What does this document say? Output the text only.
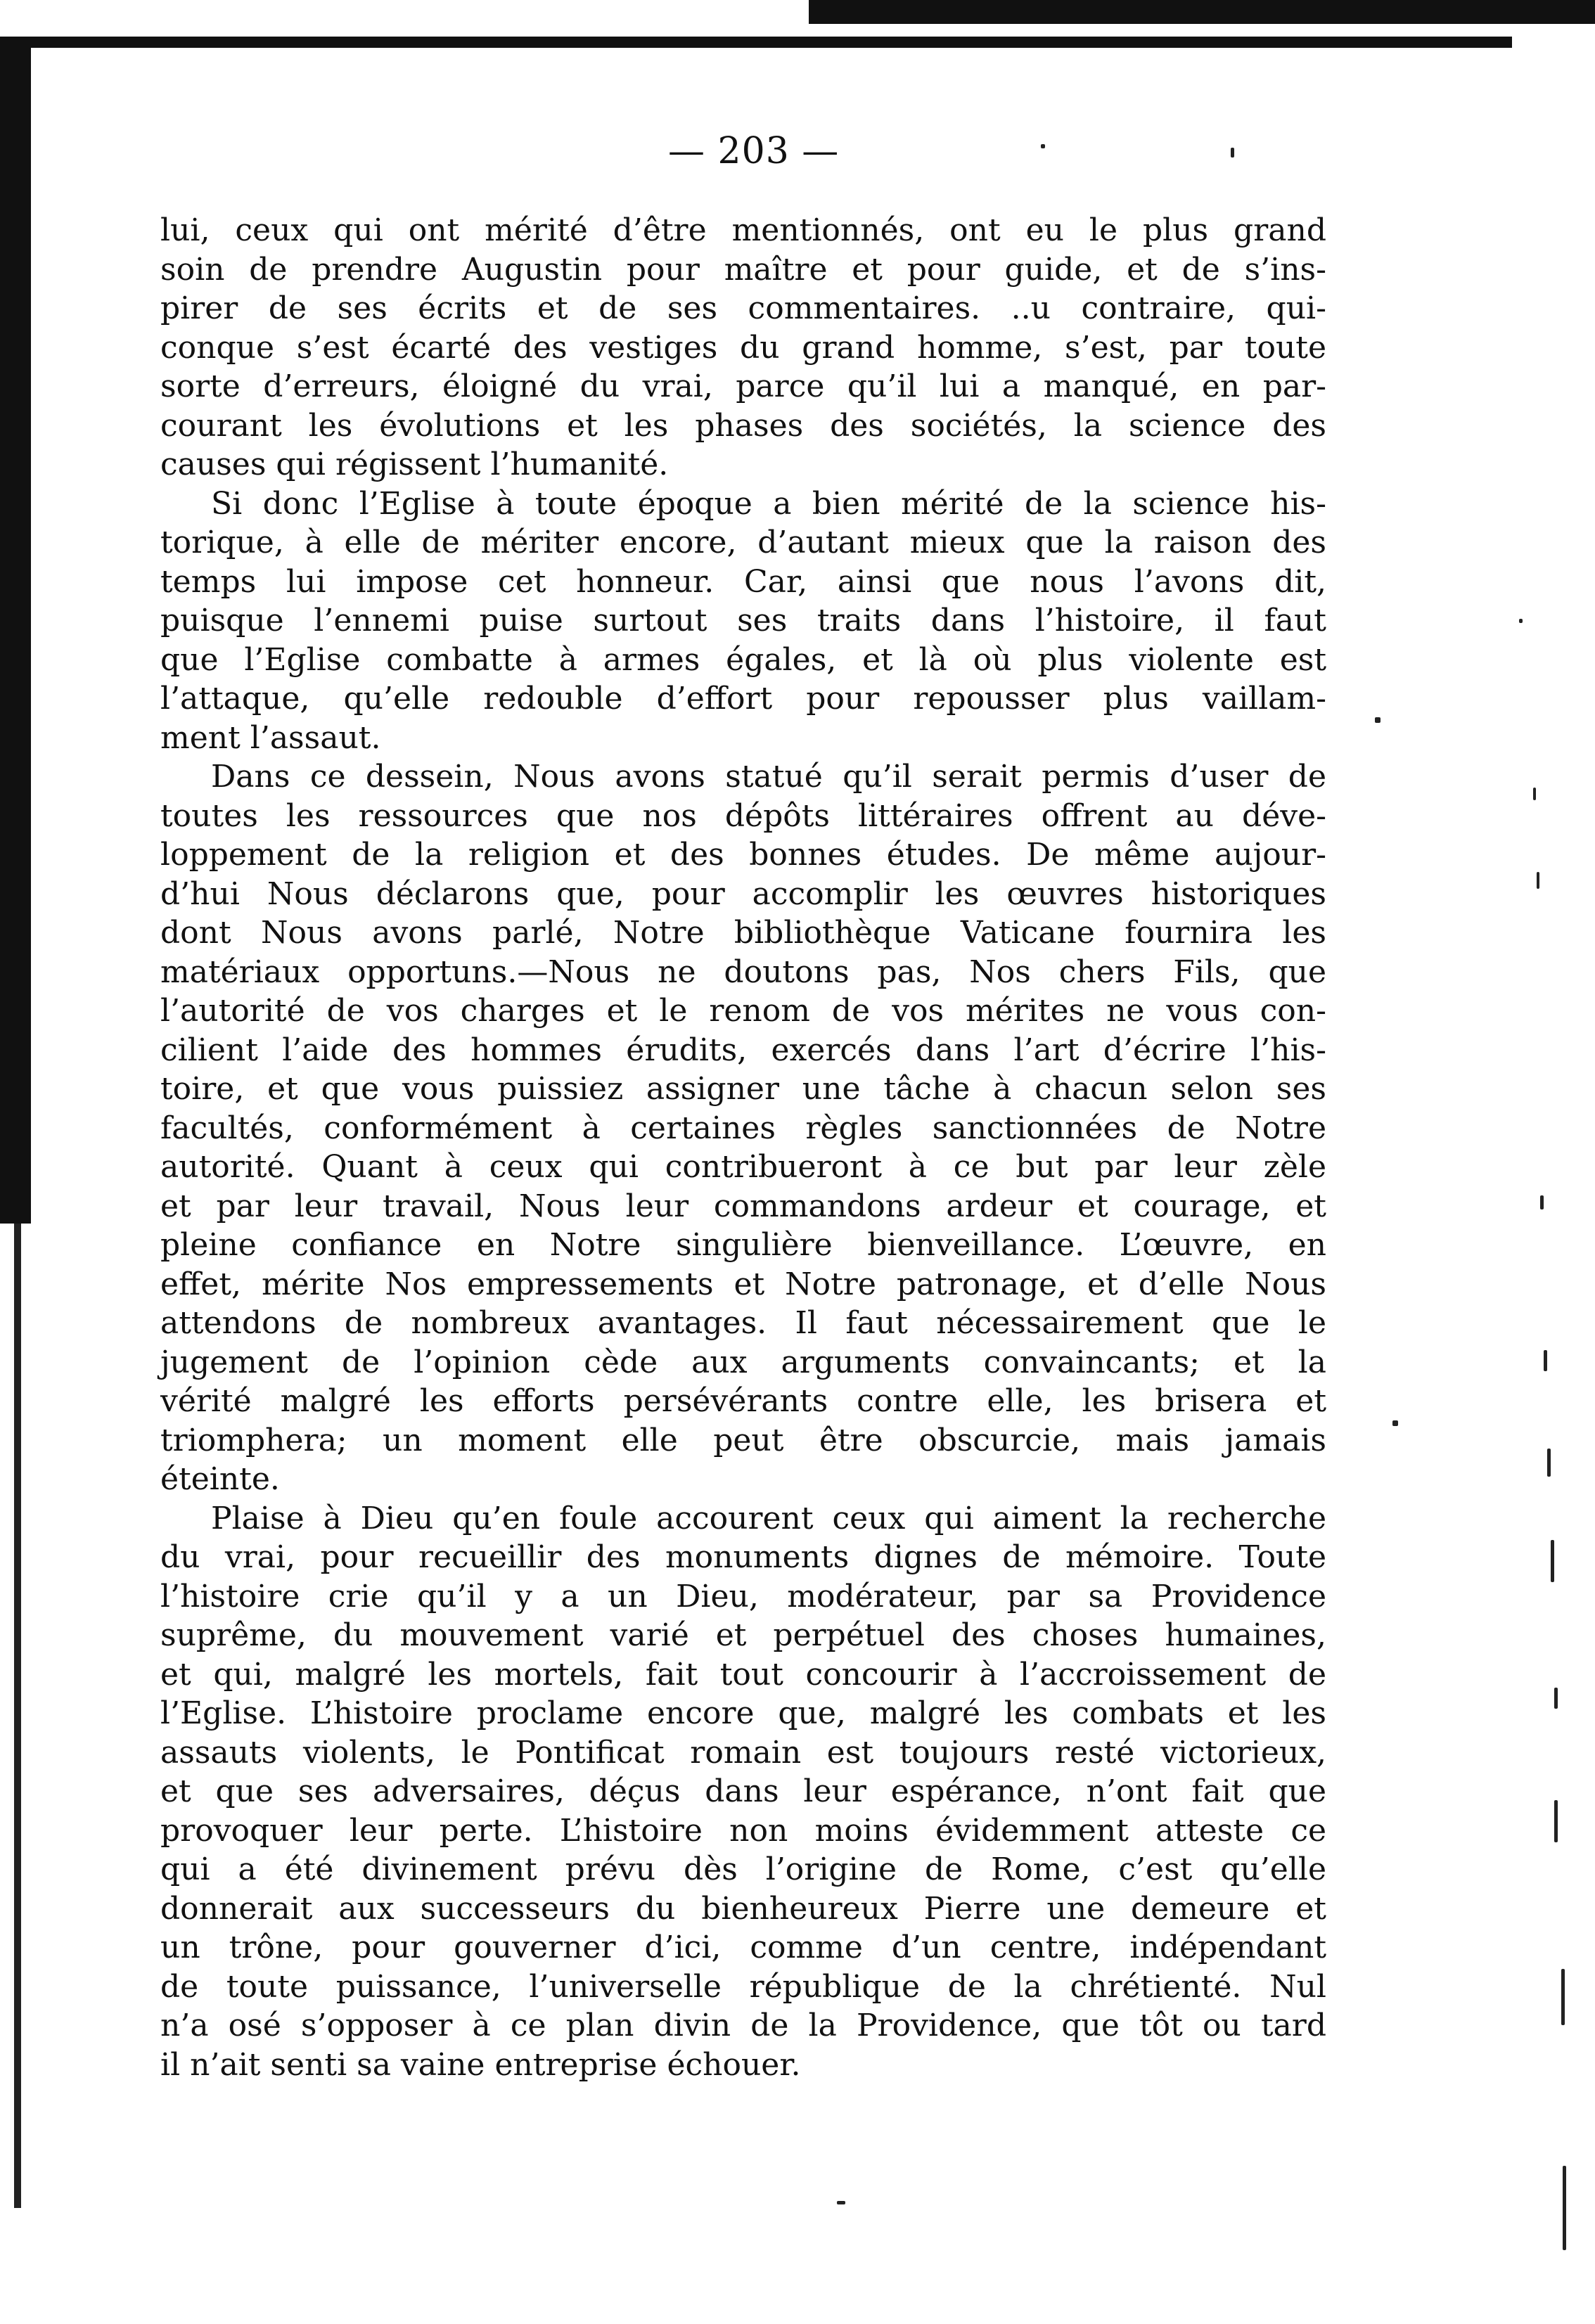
— 203 —
lui, ceux qui ont mérité d’être mentionnés, ont eu le plus grand
soin de prendre Augustin pour maître et pour guide, et de s’ins-
pirer de ses écrits et de ses commentaires. ..u contraire, qui-
conque s’est écarté des vestiges du grand homme, s’est, par toute
sorte d’erreurs, éloigné du vrai, parce qu’il lui a manqué, en par-
courant les évolutions et les phases des sociétés, la science des
causes qui régissent l’humanité.
Si donc l’Eglise à toute époque a bien mérité de la science his-
torique, à elle de mériter encore, d’autant mieux que la raison des
temps lui impose cet honneur. Car, ainsi que nous l’avons dit,
puisque l’ennemi puise surtout ses traits dans l’histoire, il faut
que l’Eglise combatte à armes égales, et là où plus violente est
l’attaque, qu’elle redouble d’effort pour repousser plus vaillam-
ment l’assaut.
Dans ce dessein, Nous avons statué qu’il serait permis d’user de
toutes les ressources que nos dépôts littéraires offrent au déve-
loppement de la religion et des bonnes études. De même aujour-
d’hui Nous déclarons que, pour accomplir les œuvres historiques
dont Nous avons parlé, Notre bibliothèque Vaticane fournira les
matériaux opportuns.—Nous ne doutons pas, Nos chers Fils, que
l’autorité de vos charges et le renom de vos mérites ne vous con-
cilient l’aide des hommes érudits, exercés dans l’art d’écrire l’his-
toire, et que vous puissiez assigner une tâche à chacun selon ses
facultés, conformément à certaines règles sanctionnées de Notre
autorité. Quant à ceux qui contribueront à ce but par leur zèle
et par leur travail, Nous leur commandons ardeur et courage, et
pleine confiance en Notre singulière bienveillance. L’œuvre, en
effet, mérite Nos empressements et Notre patronage, et d’elle Nous
attendons de nombreux avantages. Il faut nécessairement que le
jugement de l’opinion cède aux arguments convaincants; et la
vérité malgré les efforts persévérants contre elle, les brisera et
triomphera; un moment elle peut être obscurcie, mais jamais
éteinte.
Plaise à Dieu qu’en foule accourent ceux qui aiment la recherche
du vrai, pour recueillir des monuments dignes de mémoire. Toute
l’histoire crie qu’il y a un Dieu, modérateur, par sa Providence
suprême, du mouvement varié et perpétuel des choses humaines,
et qui, malgré les mortels, fait tout concourir à l’accroissement de
l’Eglise. L’histoire proclame encore que, malgré les combats et les
assauts violents, le Pontificat romain est toujours resté victorieux,
et que ses adversaires, déçus dans leur espérance, n’ont fait que
provoquer leur perte. L’histoire non moins évidemment atteste ce
qui a été divinement prévu dès l’origine de Rome, c’est qu’elle
donnerait aux successeurs du bienheureux Pierre une demeure et
un trône, pour gouverner d’ici, comme d’un centre, indépendant
de toute puissance, l’universelle république de la chrétienté. Nul
n’a osé s’opposer à ce plan divin de la Providence, que tôt ou tard
il n’ait senti sa vaine entreprise échouer.
